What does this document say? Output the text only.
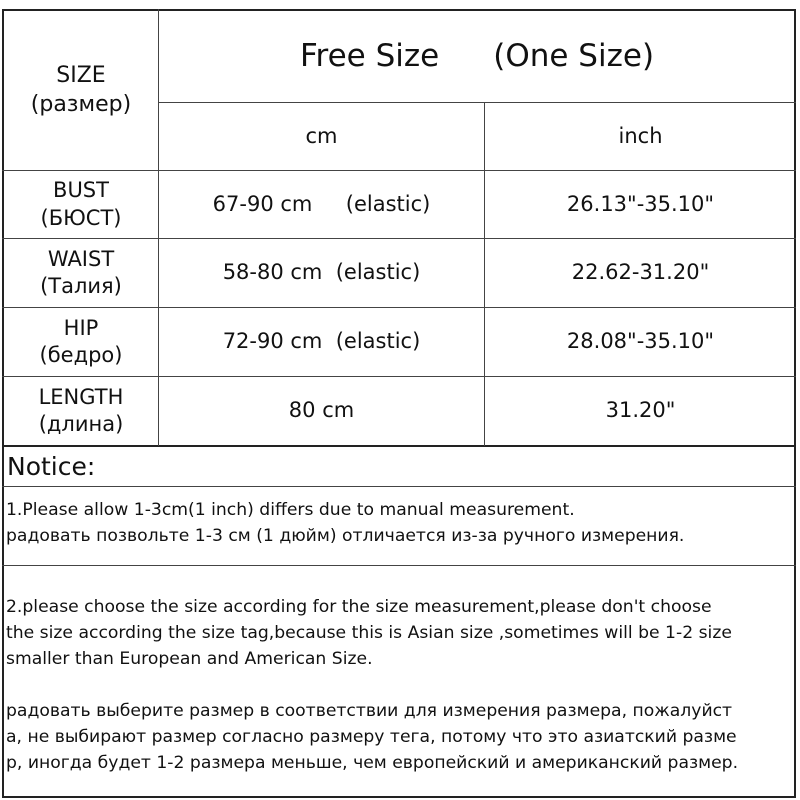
SIZE
(размер)
Free Size (One Size)
cm	inch
BUST
(БЮСТ)
67-90 cm     (elastic)	26.13"-35.10"
WAIST
(Талия)
58-80 cm  (elastic)	22.62-31.20"
HIP
(бедро)
72-90 cm  (elastic)	28.08"-35.10"
LENGTH
(длина)
80 cm	31.20"
Notice:
1.Please allow 1-3cm(1 inch) differs due to manual measurement.
радовать позвольте 1-3 см (1 дюйм) отличается из-за ручного измерения.
2.please choose the size according for the size measurement,please don't choose
the size according the size tag,because this is Asian size ,sometimes will be 1-2 size
smaller than European and American Size.
радовать выберите размер в соответствии для измерения размера, пожалуйст
а, не выбирают размер согласно размеру тега, потому что это азиатский разме
р, иногда будет 1-2 размера меньше, чем европейский и американский размер.
